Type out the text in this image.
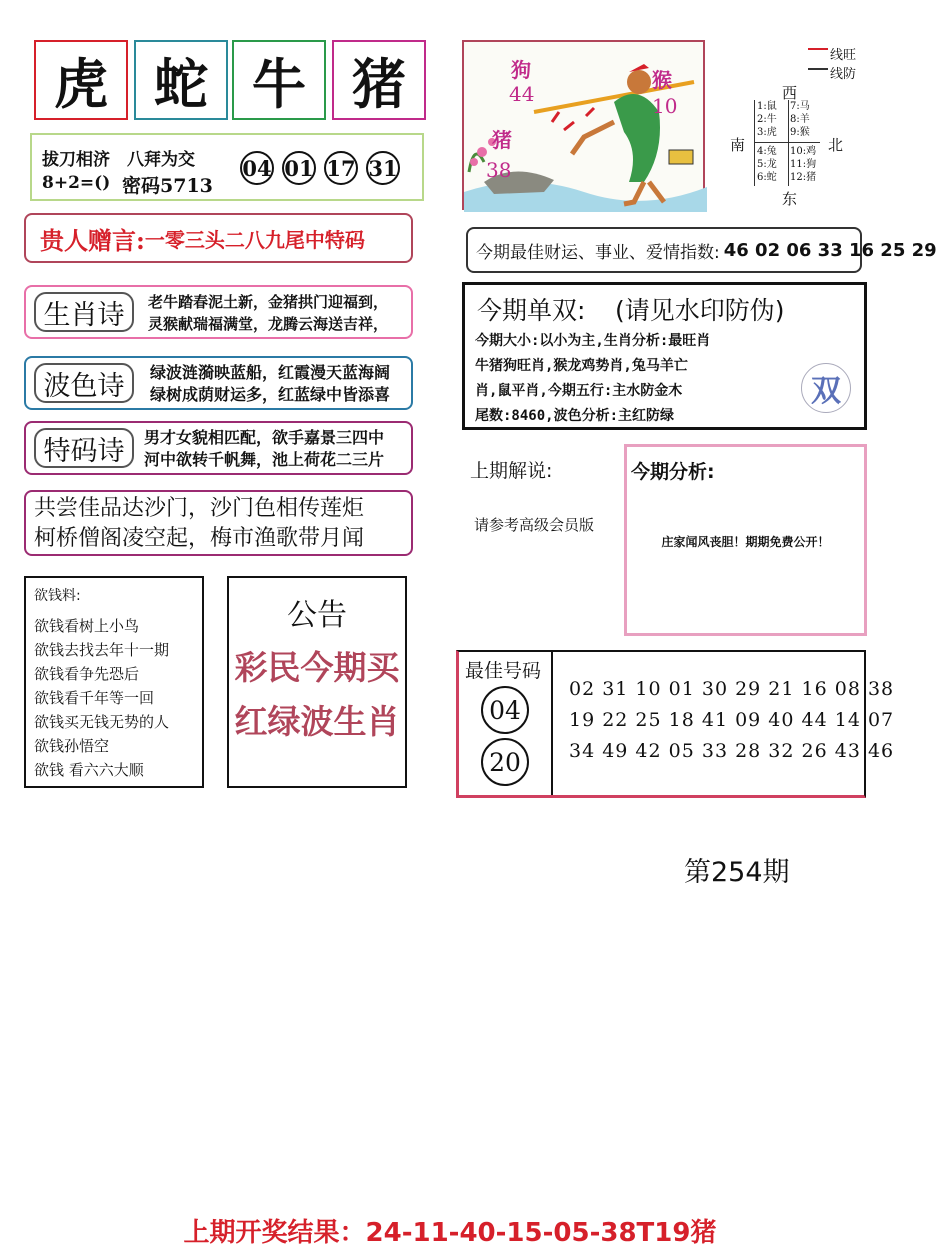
虎 蛇 牛 猪
拔刀相济　八拜为交
8+2=() 密码5713
04 01 17 31
贵人赠言: 一零三头二八九尾中特码
生肖诗	老牛踏春泥土新，金猪拱门迎福到，
灵猴献瑞福满堂，龙腾云海送吉祥，
波色诗	绿波涟漪映蓝船，红霞漫天蓝海阔
绿树成荫财运多，红蓝绿中皆添喜
特码诗	男才女貌相匹配，欲手嘉景三四中
河中欲转千帆舞，池上荷花二三片
共尝佳品达沙门，沙门色相传莲炬
柯桥僧阁凌空起，梅市渔歌带月闻
欲钱料:
欲钱看树上小鸟
欲钱去找去年十一期
欲钱看争先恐后
欲钱看千年等一回
欲钱买无钱无势的人
欲钱孙悟空
欲钱 看六六大顺
公告
彩民今期买
红绿波生肖
狗
44
猴
10
猪
38
线旺
线防
西
南	北
东
1:鼠
2:牛
3:虎
4:兔
5:龙
6:蛇
7:马
8:羊
9:猴
10:鸡
11:狗
12:猪
今期最佳财运、事业、爱情指数: 46 02 06 33 16 25 29
今期单双: (请见水印防伪)
今期大小:以小为主,生肖分析:最旺肖
牛猪狗旺肖,猴龙鸡势肖,兔马羊亡
肖,鼠平肖,今期五行:主水防金木
尾数:8460,波色分析:主红防绿
双
上期解说:
请参考高级会员版
今期分析:
庄家闻风丧胆！期期免费公开！
最佳号码
04
20
02 31 10 01 30 29 21 16 08 38
19 22 25 18 41 09 40 44 14 07
34 49 42 05 33 28 32 26 43 46
第254期
上期开奖结果：24-11-40-15-05-38T19猪
